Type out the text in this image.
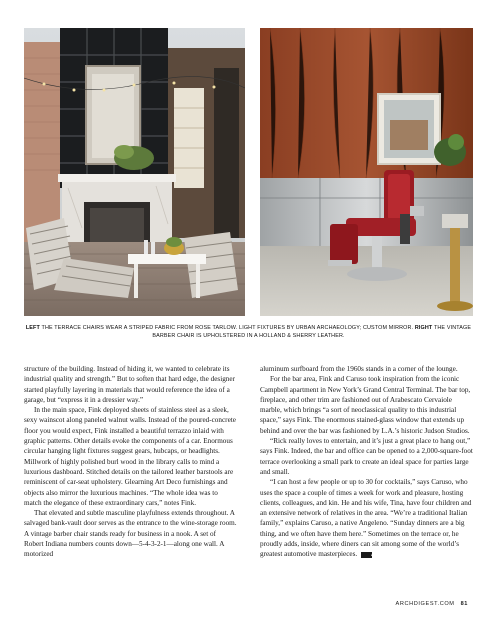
LEFT THE TERRACE CHAIRS WEAR A STRIPED FABRIC FROM ROSE TARLOW. LIGHT FIXTURES BY URBAN ARCHAEOLOGY; CUSTOM MIRROR. RIGHT THE VINTAGE BARBER CHAIR IS UPHOLSTERED IN A HOLLAND & SHERRY LEATHER.

structure of the building. Instead of hiding it, we wanted to celebrate its industrial quality and strength.” But to soften that hard edge, the designer started playfully layering in materials that would reference the idea of a garage, but “express it in a dressier way.”

In the main space, Fink deployed sheets of stainless steel as a sleek, sexy wainscot along paneled walnut walls. Instead of the poured-concrete floor you would expect, Fink installed a beautiful terrazzo inlaid with graphic patterns. Other details evoke the components of a car. Enormous circular hanging light fixtures suggest gears, hubcaps, or headlights. Millwork of highly polished burl wood in the library calls to mind a luxurious dashboard. Stitched details on the tailored leather barstools are reminiscent of car-seat upholstery. Glearning Art Deco furnishings and objects also mirror the luxurious machines. “The whole idea was to match the elegance of these extraordinary cars,” notes Fink.

That elevated and subtle masculine playfulness extends throughout. A salvaged bank-vault door serves as the entrance to the wine-storage room. A vintage barber chair stands ready for business in a nook. A set of Robert Indiana numbers counts down—5-4-3-2-1—along one wall. A motorized

aluminum surfboard from the 1960s stands in a corner of the lounge.

For the bar area, Fink and Caruso took inspiration from the iconic Campbell apartment in New York’s Grand Central Terminal. The bar top, fireplace, and other trim are fashioned out of Arabescato Cervaiole marble, which brings “a sort of neoclassical quality to this industrial space,” says Fink. The enormous stained-glass window that extends up behind and over the bar was fashioned by L.A.’s historic Judson Studios.

“Rick really loves to entertain, and it’s just a great place to hang out,” says Fink. Indeed, the bar and office can be opened to a 2,000-square-foot terrace overlooking a small park to create an ideal space for parties large and small.

“I can host a few people or up to 30 for cocktails,” says Caruso, who uses the space a couple of times a week for work and pleasure, hosting clients, colleagues, and kin. He and his wife, Tina, have four children and an extensive network of relatives in the area. “We’re a traditional Italian family,” explains Caruso, a native Angeleno. “Sunday dinners are a big thing, and we often have them here.” Sometimes on the terrace or, he proudly adds, inside, where diners can sit among some of the world’s greatest automotive masterpieces.	AD

ARCHDIGEST.COM 81
